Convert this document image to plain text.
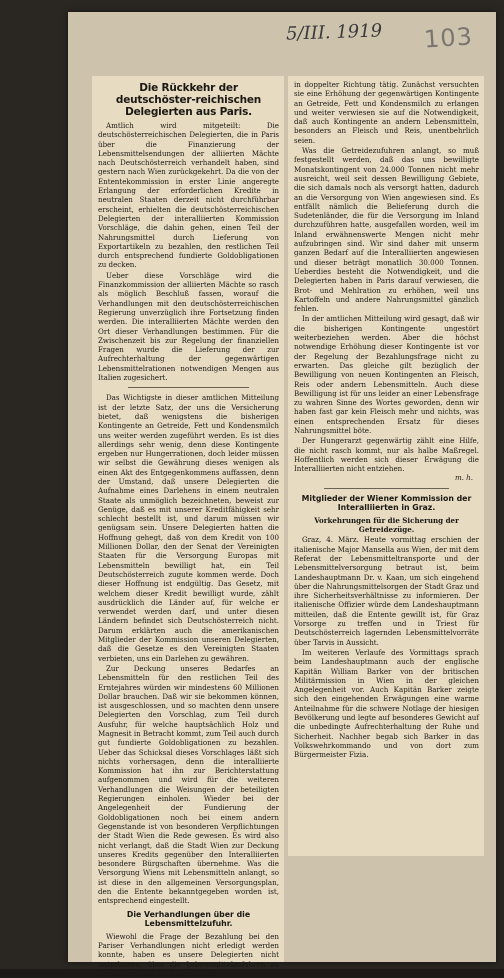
5/III. 1919 103
Die Rückkehr der deutschöster-reichischen Delegierten aus Paris.

Amtlich wird mitgeteilt: Die deutschösterreichischen Delegierten, die in Paris über die Finanzierung der Lebensmittelsendungen der alliierten Mächte nach Deutschösterreich verhandelt haben, sind gestern nach Wien zurückgekehrt. Da die von der Ententekommission in erster Linie angeregte Erlangung der erforderlichen Kredite in neutralen Staaten derzeit nicht durchführbar erscheint, erhielten die deutschösterreichischen Delegierten der interalliierten Kommission Vorschläge, die dahin gehen, einen Teil der Nahrungsmittel durch Lieferung von Exportartikeln zu bezahlen, den restlichen Teil durch entsprechend fundierte Goldobligationen zu decken.

Ueber diese Vorschläge wird die Finanzkommission der alliierten Mächte so rasch als möglich Beschluß fassen, worauf die Verhandlungen mit den deutschösterreichischen Regierung unverzüglich ihre Fortsetzung finden werden. Die interalliierten Mächte werden den Ort dieser Verhandlungen bestimmen. Für die Zwischenzeit bis zur Regelung der finanziellen Fragen wurde die Lieferung der zur Aufrechterhaltung der gegenwärtigen Lebensmittelrationen notwendigen Mengen aus Italien zugesichert.

Das Wichtigste in dieser amtlichen Mitteilung ist der letzte Satz, der uns die Versicherung bietet, daß wenigstens die bisherigen Kontingente an Getreide, Fett und Kondensmilch uns weiter werden zugeführt werden. Es ist dies allerdings sehr wenig, denn diese Kontingente ergeben nur Hungerrationen, doch leider müssen wir selbst die Gewährung dieses wenigen als einen Akt des Entgegenkommens auffassen, denn der Umstand, daß unsere Delegierten die Aufnahme eines Darlehens in einem neutralen Staate als unmöglich bezeichneten, beweist zur Genüge, daß es mit unserer Kreditfähigkeit sehr schlecht bestellt ist, und darum müssen wir genügsam sein. Unsere Delegierten hatten die Hoffnung gehegt, daß von dem Kredit von 100 Millionen Dollar, den der Senat der Vereinigten Staaten für die Versorgung Europas mit Lebensmitteln bewilligt hat, ein Teil Deutschösterreich zugute kommen werde. Doch dieser Hoffnung ist endgültig. Das Gesetz, mit welchem dieser Kredit bewilligt wurde, zählt ausdrücklich die Länder auf, für welche er verwendet werden darf, und unter diesen Ländern befindet sich Deutschösterreich nicht. Darum erklärten auch die amerikanischen Mitglieder der Kommission unseren Delegierten, daß die Gesetze es den Vereinigten Staaten verbieten, uns ein Darlehen zu gewähren.

Zur Deckung unseres Bedarfes an Lebensmitteln für den restlichen Teil des Erntejahres würden wir mindestens 60 Millionen Dollar brauchen. Daß wir sie bekommen können, ist ausgeschlossen, und so machten denn unsere Delegierten den Vorschlag, zum Teil durch Ausfuhr, für welche hauptsächlich Holz und Magnesit in Betracht kommt, zum Teil auch durch gut fundierte Goldobligationen zu bezahlen. Ueber das Schicksal dieses Vorschlages läßt sich nichts vorhersagen, denn die interalliierte Kommission hat ihn zur Berichterstattung aufgenommen und wird für die weiteren Verhandlungen die Weisungen der beteiligten Regierungen einholen. Wieder bei der Angelegenheit der Fundierung der Goldobligationen noch bei einem andern Gegenstande ist von besonderen Verpflichtungen der Stadt Wien die Rede gewesen. Es wird also nicht verlangt, daß die Stadt Wien zur Deckung unseres Kredits gegenüber den Interalliierten besondere Bürgschaften übernehme. Was die Versorgung Wiens mit Lebensmitteln anlangt, so ist diese in den allgemeinen Versorgungsplan, den die Entente bekanntgegeben worden ist, entsprechend eingestellt.

Die Verhandlungen über die Lebensmittelzufuhr.

Wiewohl die Frage der Bezahlung bei den Pariser Verhandlungen nicht erledigt werden konnte, haben es unsere Delegierten nicht unterlassen, über die Lebensmittelzufuhren zu verhandeln und sie waren hiebei

in doppelter Richtung tätig. Zunächst versuchten sie eine Erhöhung der gegenwärtigen Kontingente an Getreide, Fett und Kondensmilch zu erlangen und weiter verwiesen sie auf die Notwendigkeit, daß auch Kontingente an andern Lebensmitteln, besonders an Fleisch und Reis, unentbehrlich seien.

Was die Getreidezufuhren anlangt, so muß festgestellt werden, daß das uns bewilligte Monatskontingent von 24.000 Tonnen nicht mehr ausreicht, weil seit dessen Bewilligung Gebiete, die sich damals noch als versorgt hatten, dadurch an die Versorgung von Wien angewiesen sind. Es entfällt nämlich die Belieferung durch die Sudetenländer, die für die Versorgung im Inland durchzuführen hatte, ausgefallen worden, weil im Inland erwähnenswerte Mengen nicht mehr aufzubringen sind. Wir sind daher mit unserm ganzen Bedarf auf die Interalliierten angewiesen und dieser beträgt monatlich 30.000 Tonnen. Ueberdies besteht die Notwendigkeit, und die Delegierten haben in Paris darauf verwiesen, die Brot- und Mehlration zu erhöhen, weil uns Kartoffeln und andere Nahrungsmittel gänzlich fehlen.

In der amtlichen Mitteilung wird gesagt, daß wir die bisherigen Kontingente ungestört weiterbeziehen werden. Aber die höchst notwendige Erhöhung dieser Kontingente ist vor der Regelung der Bezahlungsfrage nicht zu erwarten. Das gleiche gilt bezüglich der Bewilligung von neuen Kontingenten an Fleisch, Reis oder andern Lebensmitteln. Auch diese Bewilligung ist für uns leider an einer Lebensfrage zu wahren Sinne des Wortes geworden, denn wir haben fast gar kein Fleisch mehr und nichts, was einen entsprechenden Ersatz für dieses Nahrungsmittel böte.

Der Hungerarzt gegenwärtig zählt eine Hilfe, die nicht rasch kommt, nur als halbe Maßregel. Hoffentlich werden sich dieser Erwägung die Interalliierten nicht entziehen.

m. h.
Mitglieder der Wiener Kommission der Interalliierten in Graz.

Vorkehrungen für die Sicherung der Getreidezüge.

Graz, 4. März. Heute vormittag erschien der italienische Major Mansella aus Wien, der mit dem Referat der Lebensmitteltransporte und der Lebensmittelversorgung betraut ist, beim Landeshauptmann Dr. v. Kaan, um sich eingehend über die Nahrungsmittelsorgen der Stadt Graz und ihre Sicherheitsverhältnisse zu informieren. Der italienische Offizier würde dem Landeshauptmann mitteilen, daß die Entente gewillt ist, für Graz Vorsorge zu treffen und in Triest für Deutschösterreich lagernden Lebensmittelvorräte über Tarvis in Aussicht.

Im weiteren Verlaufe des Vormittags sprach beim Landeshauptmann auch der englische Kapitän William Barker von der britischen Militärmission in Wien in der gleichen Angelegenheit vor. Auch Kapitän Barker zeigte sich den eingehenden Erwägungen eine warme Anteilnahme für die schwere Notlage der hiesigen Bevölkerung und legte auf besonderes Gewicht auf die unbedingte Aufrechterhaltung der Ruhe und Sicherheit. Nachher begab sich Barker in das Volkswehrkommando und von dort zum Bürgermeister Fizia.
